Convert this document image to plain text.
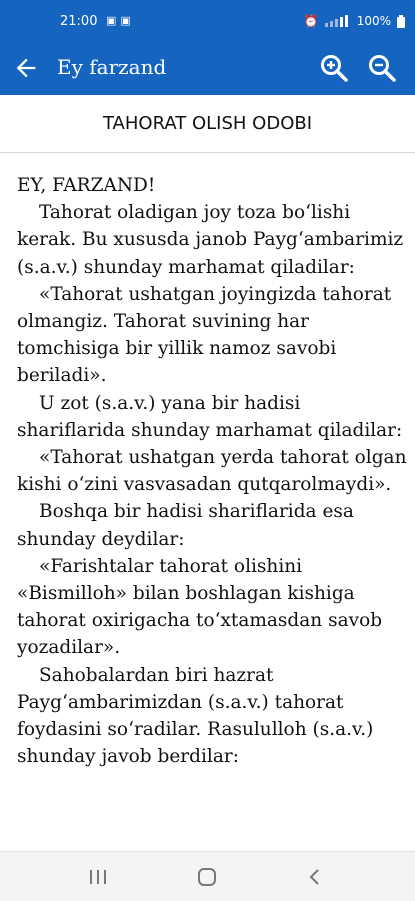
21:00 ▣▣	⏰	100%
Ey farzand
TAHORAT OLISH ODOBI

EY, FARZAND!

Tahorat oladigan joy toza boʻlishi kerak. Bu xususda janob Paygʻambarimiz (s.a.v.) shunday marhamat qiladilar:

«Tahorat ushatgan joyingizda tahorat olmangiz. Tahorat suvining har tomchisiga bir yillik namoz savobi beriladi».

U zot (s.a.v.) yana bir hadisi shariflarida shunday marhamat qiladilar:

«Tahorat ushatgan yerda tahorat olgan kishi oʻzini vasvasadan qutqarolmaydi».

Boshqa bir hadisi shariflarida esa shunday deydilar:

«Farishtalar tahorat olishini «Bismilloh» bilan boshlagan kishiga tahorat oxirigacha toʻxtamasdan savob yozadilar».

Sahobalardan biri hazrat Paygʻambarimizdan (s.a.v.) tahorat foydasini soʻradilar. Rasululloh (s.a.v.) shunday javob berdilar:
